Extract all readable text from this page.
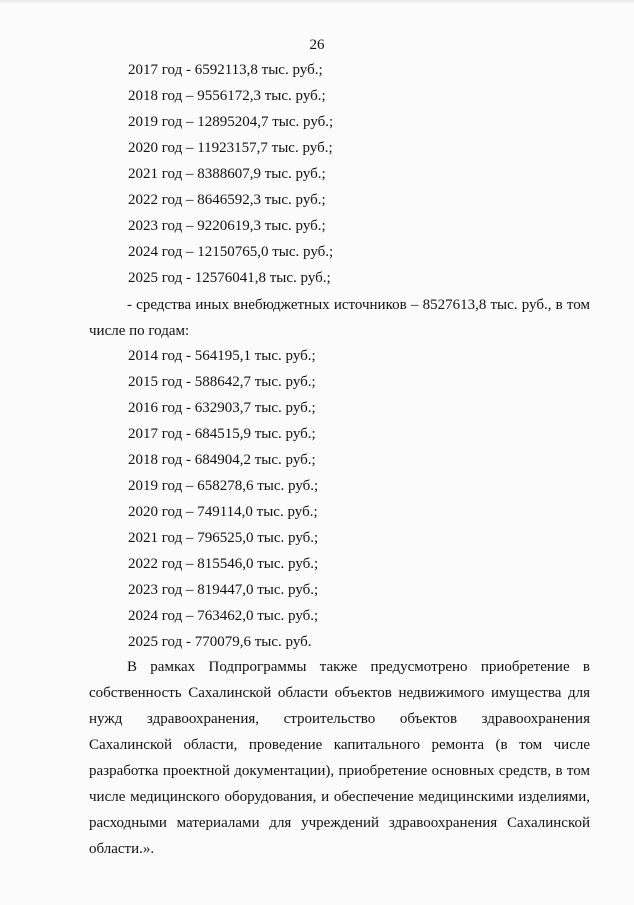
26
2017 год - 6592113,8 тыс. руб.;
2018 год – 9556172,3 тыс. руб.;
2019 год – 12895204,7 тыс. руб.;
2020 год – 11923157,7 тыс. руб.;
2021 год – 8388607,9 тыс. руб.;
2022 год – 8646592,3 тыс. руб.;
2023 год – 9220619,3 тыс. руб.;
2024 год – 12150765,0 тыс. руб.;
2025 год - 12576041,8 тыс. руб.;

- средства иных внебюджетных источников – 8527613,8 тыс. руб., в том числе по годам:

2014 год - 564195,1 тыс. руб.;
2015 год - 588642,7 тыс. руб.;
2016 год - 632903,7 тыс. руб.;
2017 год - 684515,9 тыс. руб.;
2018 год - 684904,2 тыс. руб.;
2019 год – 658278,6 тыс. руб.;
2020 год – 749114,0 тыс. руб.;
2021 год – 796525,0 тыс. руб.;
2022 год – 815546,0 тыс. руб.;
2023 год – 819447,0 тыс. руб.;
2024 год – 763462,0 тыс. руб.;
2025 год - 770079,6 тыс. руб.

В рамках Подпрограммы также предусмотрено приобретение в собственность Сахалинской области объектов недвижимого имущества для нужд здравоохранения, строительство объектов здравоохранения Сахалинской области, проведение капитального ремонта (в том числе разработка проектной документации), приобретение основных средств, в том числе медицинского оборудования, и обеспечение медицинскими изделиями, расходными материалами для учреждений здравоохранения Сахалинской области.».
